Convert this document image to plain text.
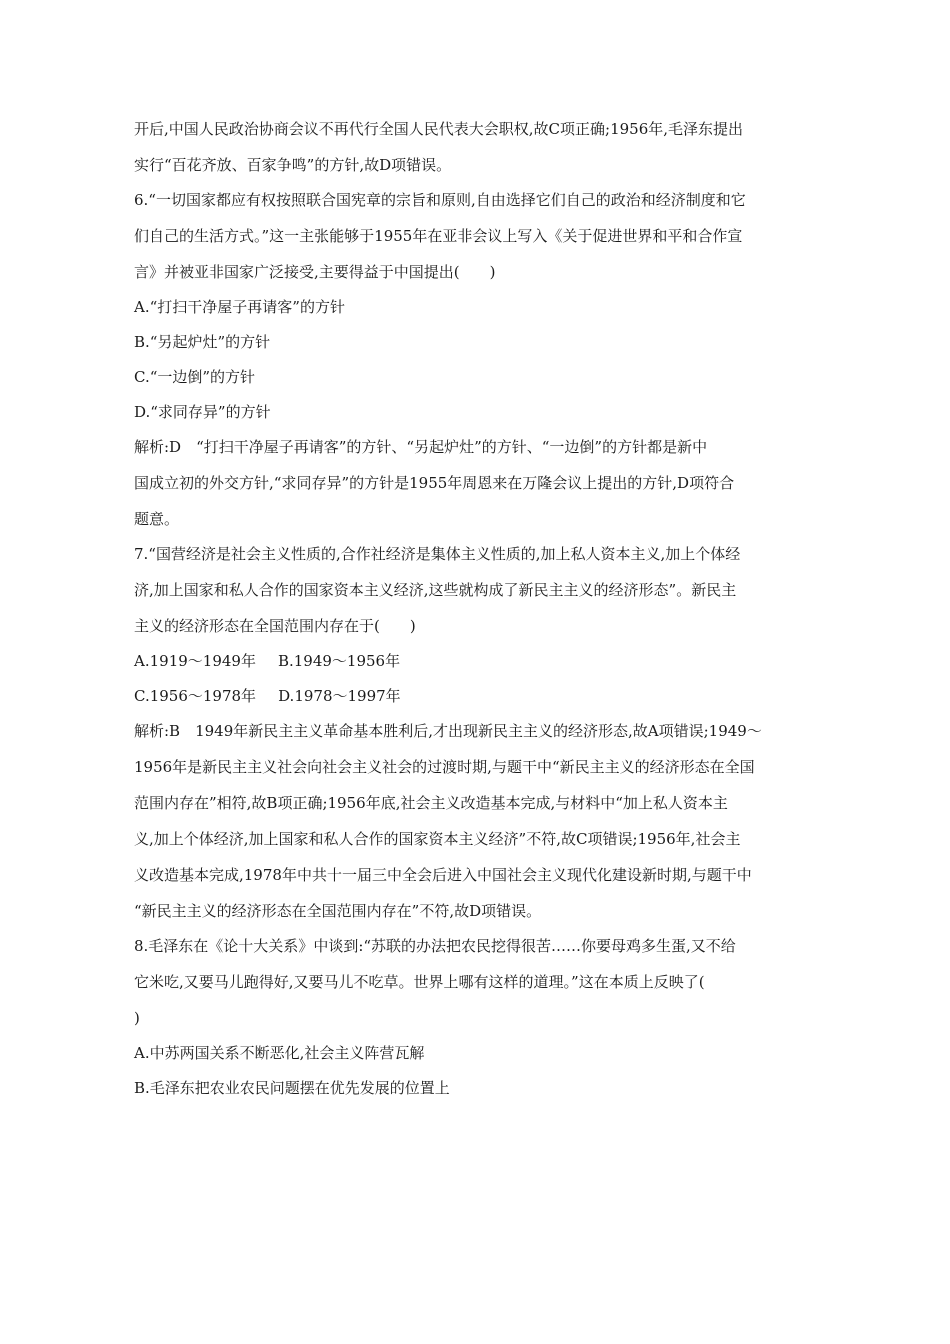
开后,中国人民政治协商会议不再代行全国人民代表大会职权,故C项正确;1956年,毛泽东提出

实行“百花齐放、百家争鸣”的方针,故D项错误。

6.“一切国家都应有权按照联合国宪章的宗旨和原则,自由选择它们自己的政治和经济制度和它

们自己的生活方式。”这一主张能够于1955年在亚非会议上写入《关于促进世界和平和合作宣

言》并被亚非国家广泛接受,主要得益于中国提出(　　)

A.“打扫干净屋子再请客”的方针

B.“另起炉灶”的方针

C.“一边倒”的方针

D.“求同存异”的方针

解析:D　“打扫干净屋子再请客”的方针、“另起炉灶”的方针、“一边倒”的方针都是新中

国成立初的外交方针,“求同存异”的方针是1955年周恩来在万隆会议上提出的方针,D项符合

题意。

7.“国营经济是社会主义性质的,合作社经济是集体主义性质的,加上私人资本主义,加上个体经

济,加上国家和私人合作的国家资本主义经济,这些就构成了新民主主义的经济形态”。新民主

主义的经济形态在全国范围内存在于(　　)

A.1919～1949年 B.1949～1956年

C.1956～1978年 D.1978～1997年

解析:B　1949年新民主主义革命基本胜利后,才出现新民主主义的经济形态,故A项错误;1949～

1956年是新民主主义社会向社会主义社会的过渡时期,与题干中“新民主主义的经济形态在全国

范围内存在”相符,故B项正确;1956年底,社会主义改造基本完成,与材料中“加上私人资本主

义,加上个体经济,加上国家和私人合作的国家资本主义经济”不符,故C项错误;1956年,社会主

义改造基本完成,1978年中共十一届三中全会后进入中国社会主义现代化建设新时期,与题干中

“新民主主义的经济形态在全国范围内存在”不符,故D项错误。

8.毛泽东在《论十大关系》中谈到:“苏联的办法把农民挖得很苦……你要母鸡多生蛋,又不给

它米吃,又要马儿跑得好,又要马儿不吃草。世界上哪有这样的道理。”这在本质上反映了(

)

A.中苏两国关系不断恶化,社会主义阵营瓦解

B.毛泽东把农业农民问题摆在优先发展的位置上
